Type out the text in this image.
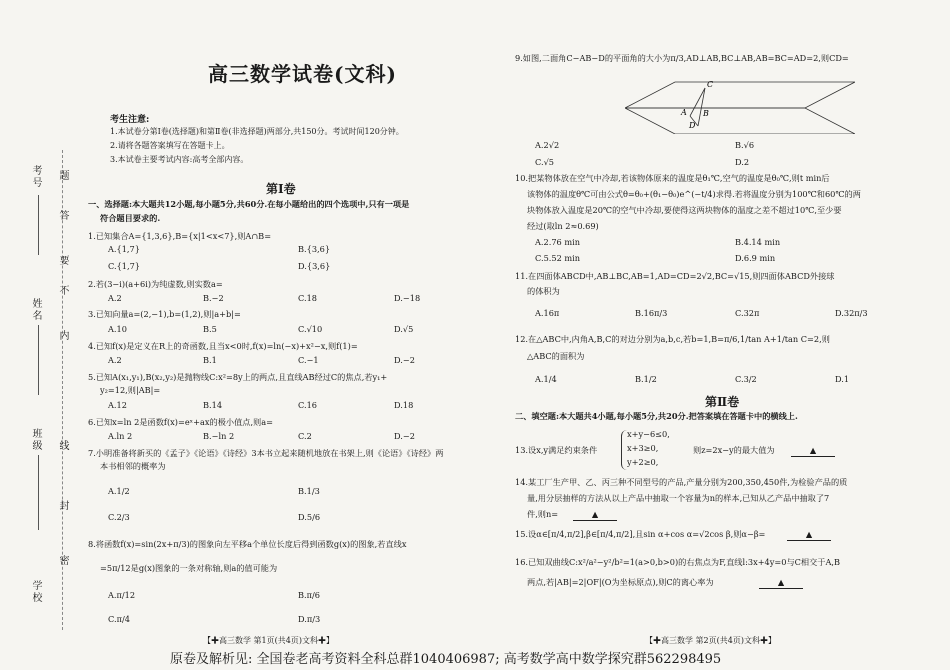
考号
姓名
班级
学校
密
封
线
内
不
要
答
题
高三数学试卷(文科)
考生注意:
1.本试卷分第Ⅰ卷(选择题)和第Ⅱ卷(非选择题)两部分,共150分。考试时间120分钟。
2.请将各题答案填写在答题卡上。
3.本试卷主要考试内容:高考全部内容。
第Ⅰ卷
一、选择题:本大题共12小题,每小题5分,共60分.在每小题给出的四个选项中,只有一项是
符合题目要求的.
1.已知集合A={1,3,6},B={x|1<x<7},则A∩B=
A.{1,7}	B.{3,6}
C.{1,7}	D.{3,6}
2.若(3−i)(a+6i)为纯虚数,则实数a=
A.2	B.−2	C.18	D.−18
3.已知向量a=(2,−1),b=(1,2),则|a+b|=
A.10	B.5	C.√10	D.√5
4.已知f(x)是定义在R上的奇函数,且当x<0时,f(x)=ln(−x)+x²−x,则f(1)=
A.2	B.1	C.−1	D.−2
5.已知A(x₁,y₁),B(x₂,y₂)是抛物线C:x²=8y上的两点,且直线AB经过C的焦点,若y₁+
y₂=12,则|AB|=
A.12	B.14	C.16	D.18
6.已知x=ln 2是函数f(x)=eˣ+ax的极小值点,则a=
A.ln 2	B.−ln 2	C.2	D.−2
7.小明准备将新买的《孟子》《论语》《诗经》3本书立起来随机地放在书架上,则《论语》《诗经》两
本书相邻的概率为
A.1/2	B.1/3
C.2/3	D.5/6
8.将函数f(x)=sin(2x+π/3)的图象向左平移a个单位长度后得到函数g(x)的图象,若直线x
=5π/12是g(x)图象的一条对称轴,则a的值可能为
A.π/12	B.π/6
C.π/4	D.π/3
【✚高三数学 第1页(共4页)文科✚】
9.如图,二面角C−AB−D的平面角的大小为π/3,AD⊥AB,BC⊥AB,AB=BC=AD=2,则CD=
C
A
D
B
A.2√2	B.√6
C.√5	D.2
10.把某物体放在空气中冷却,若该物体原来的温度是θ₁℃,空气的温度是θ₀℃,则t min后
该物体的温度θ℃可由公式θ=θ₀+(θ₁−θ₀)e^(−t/4)求得.若将温度分别为100℃和60℃的两
块物体放入温度是20℃的空气中冷却,要使得这两块物体的温度之差不超过10℃,至少要
经过(取ln 2≈0.69)
A.2.76 min	B.4.14 min
C.5.52 min	D.6.9 min
11.在四面体ABCD中,AB⊥BC,AB=1,AD=CD=2√2,BC=√15,则四面体ABCD外接球
的体积为
A.16π	B.16π/3	C.32π	D.32π/3
12.在△ABC中,内角A,B,C的对边分别为a,b,c,若b=1,B=π/6,1/tan A+1/tan C=2,则
△ABC的面积为
A.1/4	B.1/2	C.3/2	D.1
第Ⅱ卷
二、填空题:本大题共4小题,每小题5分,共20分.把答案填在答题卡中的横线上.
13.设x,y满足约束条件
x+y−6≤0,
x+3≥0,
y+2≥0,
则z=2x−y的最大值为	▲
14.某工厂生产甲、乙、丙三种不同型号的产品,产量分别为200,350,450件,为检验产品的质
量,用分层抽样的方法从以上产品中抽取一个容量为n的样本,已知从乙产品中抽取了7
件,则n=	▲
15.设α∈[π/4,π/2],β∈[π/4,π/2],且sin α+cos α=√2cos β,则α−β=	▲
16.已知双曲线C:x²/a²−y²/b²=1(a>0,b>0)的右焦点为F,直线l:3x+4y=0与C相交于A,B
两点,若|AB|=2|OF|(O为坐标原点),则C的离心率为	▲
【✚高三数学 第2页(共4页)文科✚】
原卷及解析见: 全国卷老高考资料全科总群1040406987; 高考数学高中数学探究群562298495
